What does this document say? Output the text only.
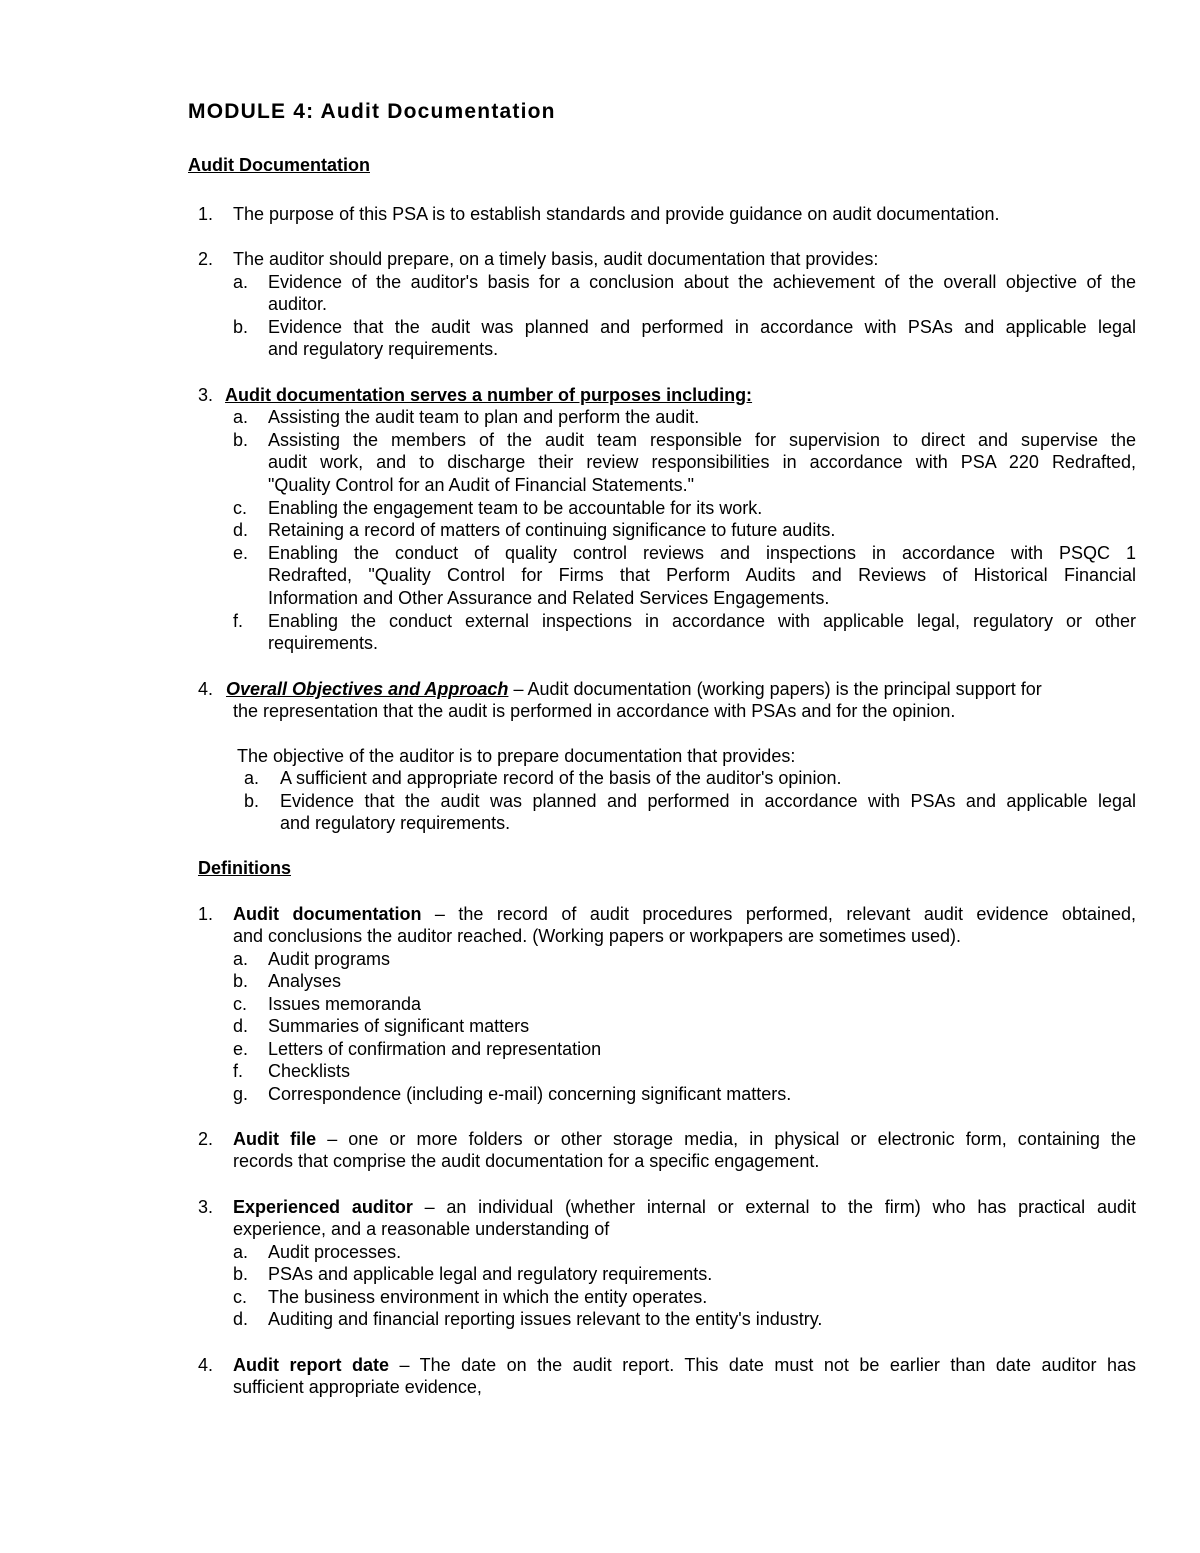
MODULE 4: Audit Documentation
Audit Documentation
1. The purpose of this PSA is to establish standards and provide guidance on audit documentation.
2. The auditor should prepare, on a timely basis, audit documentation that provides:
a. Evidence of the auditor's basis for a conclusion about the achievement of the overall objective of the
auditor.
b. Evidence that the audit was planned and performed in accordance with PSAs and applicable legal
and regulatory requirements.
3. Audit documentation serves a number of purposes including:
a. Assisting the audit team to plan and perform the audit.
b. Assisting the members of the audit team responsible for supervision to direct and supervise the
audit work, and to discharge their review responsibilities in accordance with PSA 220 Redrafted,
"Quality Control for an Audit of Financial Statements."
c. Enabling the engagement team to be accountable for its work.
d. Retaining a record of matters of continuing significance to future audits.
e. Enabling the conduct of quality control reviews and inspections in accordance with PSQC 1
Redrafted, "Quality Control for Firms that Perform Audits and Reviews of Historical Financial
Information and Other Assurance and Related Services Engagements.
f. Enabling the conduct external inspections in accordance with applicable legal, regulatory or other
requirements.
4. Overall Objectives and Approach – Audit documentation (working papers) is the principal support for
the representation that the audit is performed in accordance with PSAs and for the opinion.
The objective of the auditor is to prepare documentation that provides:
a. A sufficient and appropriate record of the basis of the auditor's opinion.
b. Evidence that the audit was planned and performed in accordance with PSAs and applicable legal
and regulatory requirements.
Definitions
1. Audit documentation – the record of audit procedures performed, relevant audit evidence obtained,
and conclusions the auditor reached. (Working papers or workpapers are sometimes used).
a. Audit programs
b. Analyses
c. Issues memoranda
d. Summaries of significant matters
e. Letters of confirmation and representation
f. Checklists
g. Correspondence (including e-mail) concerning significant matters.
2. Audit file – one or more folders or other storage media, in physical or electronic form, containing the
records that comprise the audit documentation for a specific engagement.
3. Experienced auditor – an individual (whether internal or external to the firm) who has practical audit
experience, and a reasonable understanding of
a. Audit processes.
b. PSAs and applicable legal and regulatory requirements.
c. The business environment in which the entity operates.
d. Auditing and financial reporting issues relevant to the entity's industry.
4. Audit report date – The date on the audit report. This date must not be earlier than date auditor has
sufficient appropriate evidence,
